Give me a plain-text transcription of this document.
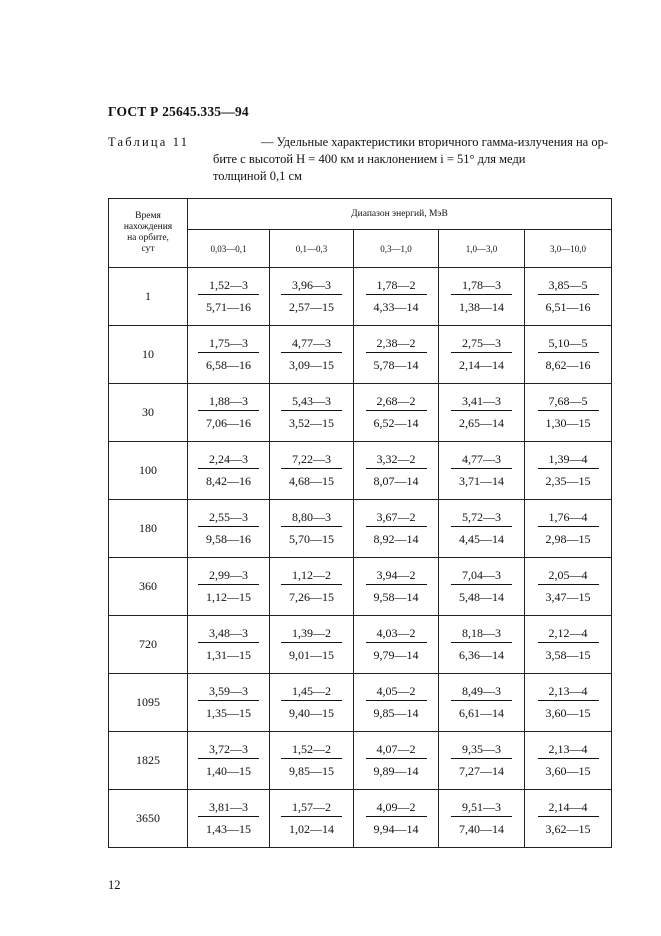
ГОСТ Р 25645.335—94
Таблица 11	— Удельные характеристики вторичного гамма-излучения на ор-
бите с высотой H = 400 км и наклонением i = 51° для меди
толщиной 0,1 см
Время
нахождения
на орбите,
сут	Диапазон энергий, МэВ				
	0,03—0,1	0,1—0,3	0,3—1,0	1,0—3,0	3,0—10,0
1	$\frac{1,52—3}{5,71—16}$	$\frac{3,96—3}{2,57—15}$	$\frac{1,78—2}{4,33—14}$	$\frac{1,78—3}{1,38—14}$	$\frac{3,85—5}{6,51—16}$

10	$\frac{1,75—3}{6,58—16}$	$\frac{4,77—3}{3,09—15}$	$\frac{2,38—2}{5,78—14}$	$\frac{2,75—3}{2,14—14}$	$\frac{5,10—5}{8,62—16}$

30	$\frac{1,88—3}{7,06—16}$	$\frac{5,43—3}{3,52—15}$	$\frac{2,68—2}{6,52—14}$	$\frac{3,41—3}{2,65—14}$	$\frac{7,68—5}{1,30—15}$

100	$\frac{2,24—3}{8,42—16}$	$\frac{7,22—3}{4,68—15}$	$\frac{3,32—2}{8,07—14}$	$\frac{4,77—3}{3,71—14}$	$\frac{1,39—4}{2,35—15}$

180	$\frac{2,55—3}{9,58—16}$	$\frac{8,80—3}{5,70—15}$	$\frac{3,67—2}{8,92—14}$	$\frac{5,72—3}{4,45—14}$	$\frac{1,76—4}{2,98—15}$

360	$\frac{2,99—3}{1,12—15}$	$\frac{1,12—2}{7,26—15}$	$\frac{3,94—2}{9,58—14}$	$\frac{7,04—3}{5,48—14}$	$\frac{2,05—4}{3,47—15}$

720	$\frac{3,48—3}{1,31—15}$	$\frac{1,39—2}{9,01—15}$	$\frac{4,03—2}{9,79—14}$	$\frac{8,18—3}{6,36—14}$	$\frac{2,12—4}{3,58—15}$

1095	$\frac{3,59—3}{1,35—15}$	$\frac{1,45—2}{9,40—15}$	$\frac{4,05—2}{9,85—14}$	$\frac{8,49—3}{6,61—14}$	$\frac{2,13—4}{3,60—15}$

1825	$\frac{3,72—3}{1,40—15}$	$\frac{1,52—2}{9,85—15}$	$\frac{4,07—2}{9,89—14}$	$\frac{9,35—3}{7,27—14}$	$\frac{2,13—4}{3,60—15}$

3650	$\frac{3,81—3}{1,43—15}$	$\frac{1,57—2}{1,02—14}$	$\frac{4,09—2}{9,94—14}$	$\frac{9,51—3}{7,40—14}$	$\frac{2,14—4}{3,62—15}$
12
